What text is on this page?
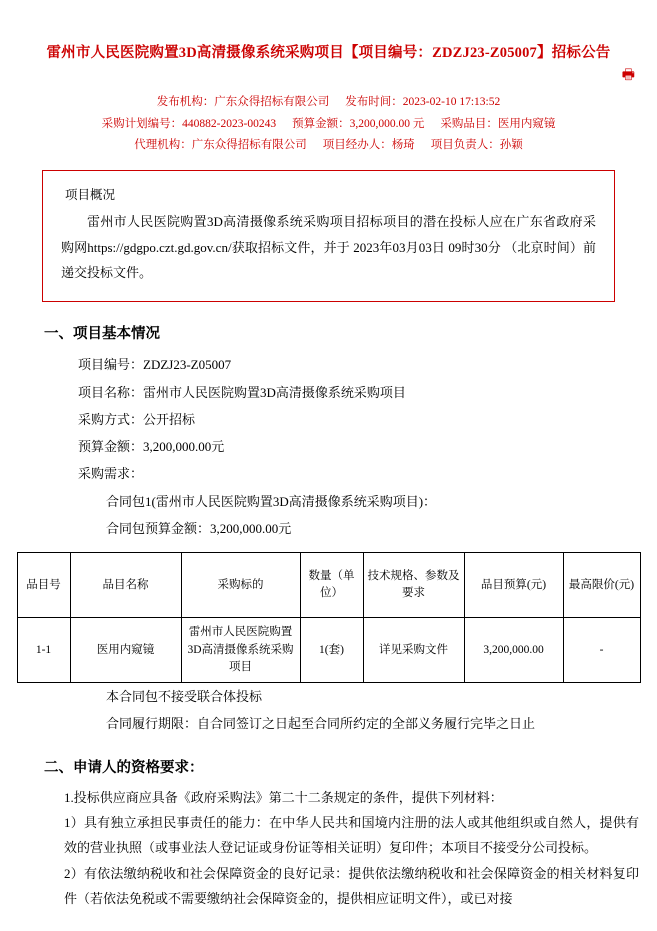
雷州市人民医院购置3D高清摄像系统采购项目【项目编号：ZDZJ23-Z05007】招标公告
🖶
发布机构：广东众得招标有限公司 发布时间：2023-02-10 17:13:52
采购计划编号：440882-2023-00243 预算金额：3,200,000.00 元 采购品目：医用内窥镜
代理机构：广东众得招标有限公司 项目经办人：杨琦 项目负责人：孙颖
项目概况
雷州市人民医院购置3D高清摄像系统采购项目招标项目的潜在投标人应在广东省政府采购网https://gdgpo.czt.gd.gov.cn/获取招标文件，并于 2023年03月03日 09时30分 （北京时间）前递交投标文件。
一、项目基本情况
项目编号：ZDZJ23-Z05007
项目名称：雷州市人民医院购置3D高清摄像系统采购项目
采购方式：公开招标
预算金额：3,200,000.00元
采购需求：
合同包1(雷州市人民医院购置3D高清摄像系统采购项目)：
合同包预算金额：3,200,000.00元
品目号	品目名称	采购标的	数量（单位）	技术规格、参数及要求	品目预算(元)	最高限价(元)
1-1	医用内窥镜	雷州市人民医院购置3D高清摄像系统采购项目	1(套)	详见采购文件	3,200,000.00	-
本合同包不接受联合体投标
合同履行期限：自合同签订之日起至合同所约定的全部义务履行完毕之日止
二、申请人的资格要求：
1.投标供应商应具备《政府采购法》第二十二条规定的条件，提供下列材料：
1）具有独立承担民事责任的能力：在中华人民共和国境内注册的法人或其他组织或自然人，提供有效的营业执照（或事业法人登记证或身份证等相关证明）复印件；本项目不接受分公司投标。
2）有依法缴纳税收和社会保障资金的良好记录：提供依法缴纳税收和社会保障资金的相关材料复印件（若依法免税或不需要缴纳社会保障资金的，提供相应证明文件），或已对接
